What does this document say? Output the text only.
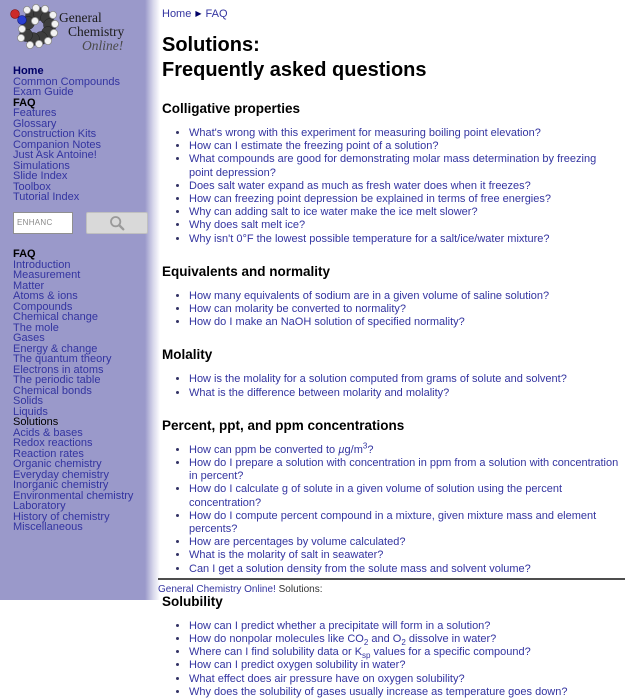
General
Chemistry
Online!
Home
Common Compounds
Exam Guide
FAQ
Features
Glossary
Construction Kits
Companion Notes
Just Ask Antoine!
Simulations
Slide Index
Toolbox
Tutorial Index
ENHANC
FAQ
Introduction
Measurement
Matter
Atoms & ions
Compounds
Chemical change
The mole
Gases
Energy & change
The quantum theory
Electrons in atoms
The periodic table
Chemical bonds
Solids
Liquids
Solutions
Acids & bases
Redox reactions
Reaction rates
Organic chemistry
Everyday chemistry
Inorganic chemistry
Environmental chemistry
Laboratory
History of chemistry
Miscellaneous
Home ▶ FAQ
Solutions:
Frequently asked questions
Colligative properties
• What's wrong with this experiment for measuring boiling point elevation?
• How can I estimate the freezing point of a solution?
• What compounds are good for demonstrating molar mass determination by freezing point depression?
• Does salt water expand as much as fresh water does when it freezes?
• How can freezing point depression be explained in terms of free energies?
• Why can adding salt to ice water make the ice melt slower?
• Why does salt melt ice?
• Why isn't 0°F the lowest possible temperature for a salt/ice/water mixture?
Equivalents and normality
• How many equivalents of sodium are in a given volume of saline solution?
• How can molarity be converted to normality?
• How do I make an NaOH solution of specified normality?
Molality
• How is the molality for a solution computed from grams of solute and solvent?
• What is the difference between molarity and molality?
Percent, ppt, and ppm concentrations
• How can ppm be converted to µg/m$^3$?
• How do I prepare a solution with concentration in ppm from a solution with concentration in percent?
• How do I calculate g of solute in a given volume of solution using the percent concentration?
• How do I compute percent compound in a mixture, given mixture mass and element percents?
• How are percentages by volume calculated?
• What is the molarity of salt in seawater?
• Can I get a solution density from the solute mass and solvent volume?
Solubility
• How can I predict whether a precipitate will form in a solution?
• How do nonpolar molecules like $CO_2$ and $O_2$ dissolve in water?
• Where can I find solubility data or $K_{sp}$ values for a specific compound?
• How can I predict oxygen solubility in water?
• What effect does air pressure have on oxygen solubility?
• Why does the solubility of gases usually increase as temperature goes down?

General Chemistry Online! Solutions:
